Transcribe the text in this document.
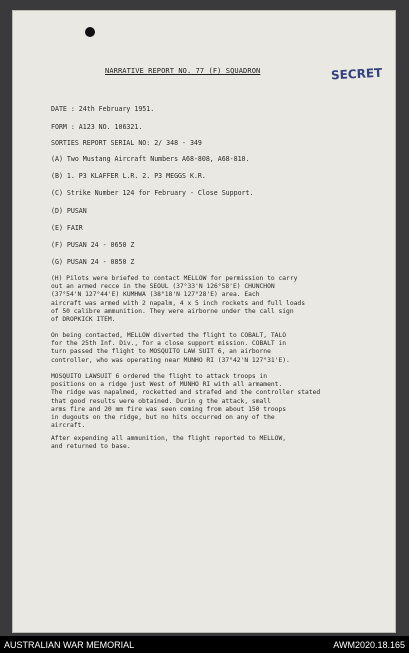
NARRATIVE REPORT NO. 77 (F) SQUADRON	SECRET
DATE : 24th February 1951.
FORM : A123 NO. 106321.
SORTIES REPORT SERIAL NO: 2/ 348 - 349
(A) Two Mustang Aircraft Numbers A68-808, A68-810.
(B) 1. P3 KLAFFER L.R. 2. P3 MEGGS K.R.
(C) Strike Number 124 for February - Close Support.
(D) PUSAN
(E) FAIR
(F) PUSAN 24 - 0650 Z
(G) PUSAN 24 - 0850 Z
(H) Pilots were briefed to contact MELLOW for permission to carry
out an armed recce in the SEOUL (37°33'N 126°58'E) CHUNCHON
(37°54'N 127°44'E) KUMHWA (38°18'N 127°28'E) area. Each
aircraft was armed with 2 napalm, 4 x 5 inch rockets and full loads
of 50 calibre ammunition. They were airborne under the call sign
of DROPKICK ITEM.
On being contacted, MELLOW diverted the flight to COBALT, TALO
for the 25th Inf. Div., for a close support mission. COBALT in
turn passed the flight to MOSQUITO LAW SUIT 6, an airborne
controller, who was operating near MUNHO RI (37°42'N 127°31'E).
MOSQUITO LAWSUIT 6 ordered the flight to attack troops in
positions on a ridge just West of MUNHO RI with all armament.
The ridge was napalmed, rocketted and strafed and the controller stated
that good results were obtained. Durin g the attack, small
arms fire and 20 mm fire was seen coming from about 150 troops
in dugouts on the ridge, but no hits occurred on any of the
aircraft.
After expending all ammunition, the flight reported to MELLOW,
and returned to base.
AUSTRALIAN WAR MEMORIAL	AWM2020.18.165
